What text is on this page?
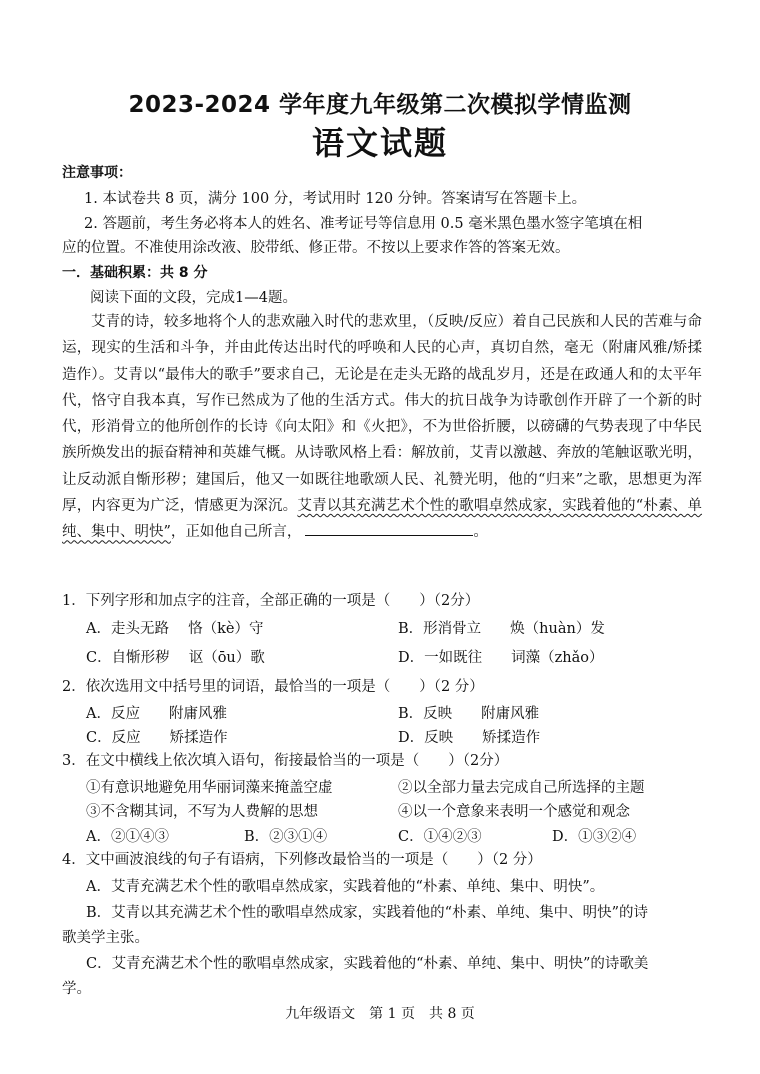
2023-2024 学年度九年级第二次模拟学情监测
语文试题
注意事项：
1. 本试卷共 8 页，满分 100 分，考试用时 120 分钟。答案请写在答题卡上。
2. 答题前，考生务必将本人的姓名、准考证号等信息用 0.5 毫米黑色墨水签字笔填在相
应的位置。不准使用涂改液、胶带纸、修正带。不按以上要求作答的答案无效。
一．基础积累：共 8 分
阅读下面的文段，完成1—4题。
艾青的诗，较多地将个人的悲欢融入时代的悲欢里，（反映/反应）着自己民族和人民的苦难与命运，现实的生活和斗争，并由此传达出时代的呼唤和人民的心声，真切自然，毫无（附庸风雅/矫揉造作）。艾青以“最伟大的歌手”要求自己，无论是在走头无路的战乱岁月，还是在政通人和的太平年代，恪守自我本真，写作已然成为了他的生活方式。伟大的抗日战争为诗歌创作开辟了一个新的时代，形消骨立的他所创作的长诗《向太阳》和《火把》，不为世俗折腰，以磅礴的气势表现了中华民族所焕发出的振奋精神和英雄气概。从诗歌风格上看：解放前，艾青以激越、奔放的笔触讴歌光明，让反动派自惭形秽；建国后，他又一如既往地歌颂人民、礼赞光明，他的“归来”之歌，思想更为浑厚，内容更为广泛，情感更为深沉。艾青以其充满艺术个性的歌唱卓然成家，实践着他的“朴素、单纯、集中、明快”，正如他自己所言，	。
1．下列字形和加点字的注音，全部正确的一项是（　　）（2分）
A．走头无路　 恪（kè）守	B．形消骨立　　焕（huàn）发
C．自惭形秽　 讴（ōu）歌	D．一如既往　　词藻（zhǎo）
2．依次选用文中括号里的词语，最恰当的一项是（　　）（2 分）
A．反应　　附庸风雅	B．反映　　附庸风雅
C．反应　　矫揉造作	D．反映　　矫揉造作
3．在文中横线上依次填入语句，衔接最恰当的一项是（　　）（2分）
①有意识地避免用华丽词藻来掩盖空虚	②以全部力量去完成自己所选择的主题
③不含糊其词，不写为人费解的思想	④以一个意象来表明一个感觉和观念
A．②①④③	B．②③①④	C．①④②③	D．①③②④
4．文中画波浪线的句子有语病，下列修改最恰当的一项是（　　）（2 分）
A．艾青充满艺术个性的歌唱卓然成家，实践着他的“朴素、单纯、集中、明快”。
B．艾青以其充满艺术个性的歌唱卓然成家，实践着他的“朴素、单纯、集中、明快”的诗
歌美学主张。
C．艾青充满艺术个性的歌唱卓然成家，实践着他的“朴素、单纯、集中、明快”的诗歌美
学。
九年级语文　第 1 页　共 8 页
